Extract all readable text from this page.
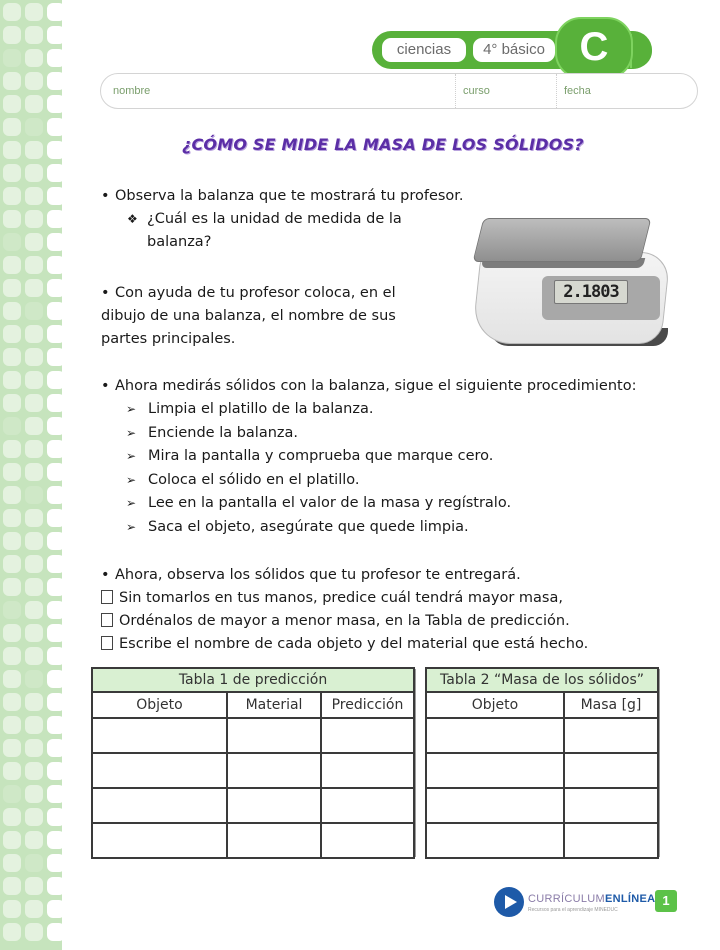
ciencias	4° básico C
nombre	curso	fecha
¿CÓMO SE MIDE LA MASA DE LOS SÓLIDOS?
• Observa la balanza que te mostrará tu profesor.
❖ ¿Cuál es la unidad de medida de la
balanza?
• Con ayuda de tu profesor coloca, en el
dibujo de una balanza, el nombre de sus
partes principales.
2.1803
• Ahora medirás sólidos con la balanza, sigue el siguiente procedimiento:
➢ Limpia el platillo de la balanza.
➢ Enciende la balanza.
➢ Mira la pantalla y comprueba que marque cero.
➢ Coloca el sólido en el platillo.
➢ Lee en la pantalla el valor de la masa y regístralo.
➢ Saca el objeto, asegúrate que quede limpia.
• Ahora, observa los sólidos que tu profesor te entregará.
Sin tomarlos en tus manos, predice cuál tendrá mayor masa,
Ordénalos de mayor a menor masa, en la Tabla de predicción.
Escribe el nombre de cada objeto y del material que está hecho.
Tabla 1 de predicción		
Objeto	Material	Predicción

Tabla 2 “Masa de los sólidos”	
Objeto	Masa [g]

CURRÍCULUMENLÍNEA
Recursos para el aprendizaje MINEDUC
1
